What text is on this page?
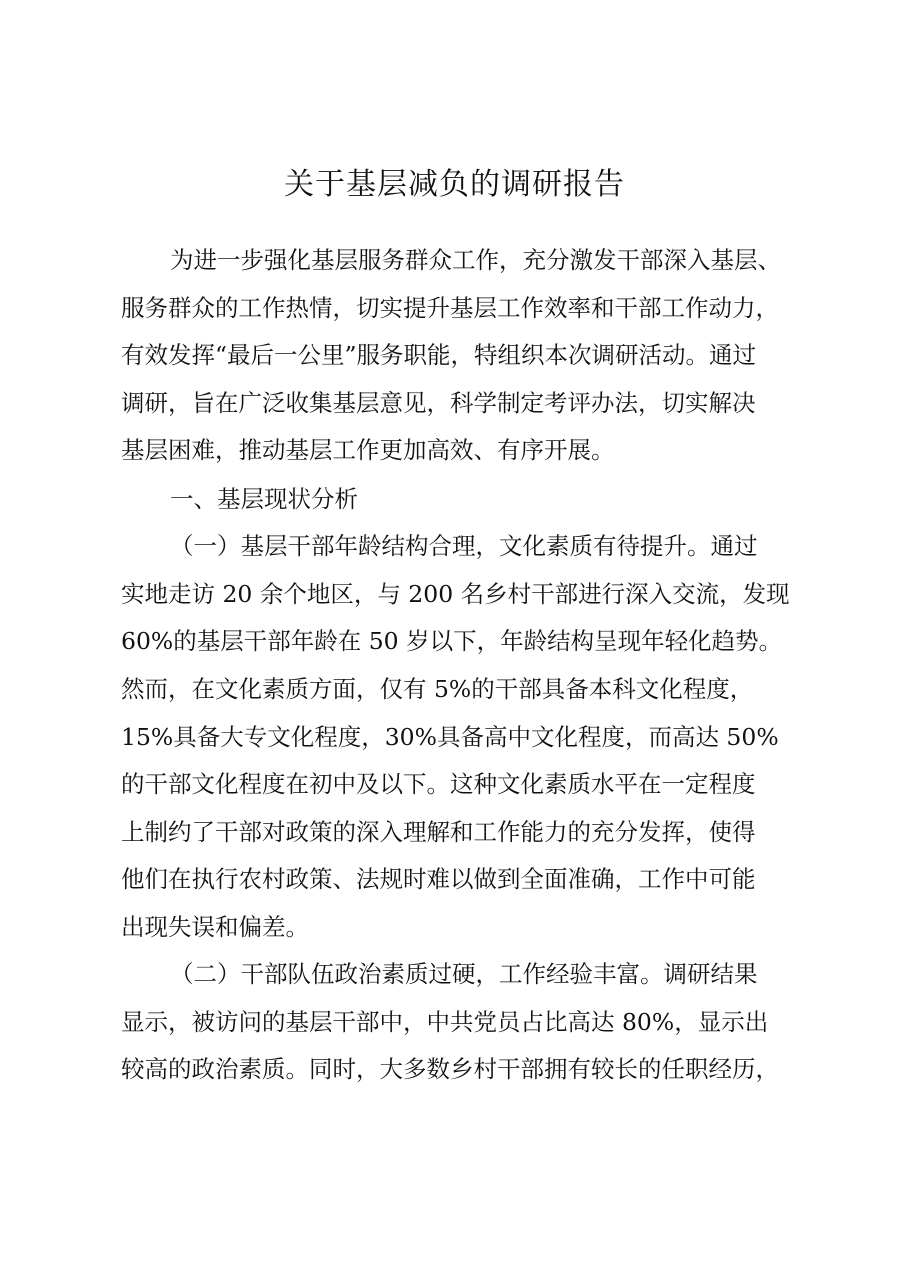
关于基层减负的调研报告
为进一步强化基层服务群众工作，充分激发干部深入基层、
服务群众的工作热情，切实提升基层工作效率和干部工作动力，
有效发挥“最后一公里”服务职能，特组织本次调研活动。通过
调研，旨在广泛收集基层意见，科学制定考评办法，切实解决
基层困难，推动基层工作更加高效、有序开展。
一、基层现状分析
（一）基层干部年龄结构合理，文化素质有待提升。通过
实地走访 20 余个地区，与 200 名乡村干部进行深入交流，发现
60%的基层干部年龄在 50 岁以下，年龄结构呈现年轻化趋势。
然而，在文化素质方面，仅有 5%的干部具备本科文化程度，
15%具备大专文化程度，30%具备高中文化程度，而高达 50%
的干部文化程度在初中及以下。这种文化素质水平在一定程度
上制约了干部对政策的深入理解和工作能力的充分发挥，使得
他们在执行农村政策、法规时难以做到全面准确，工作中可能
出现失误和偏差。
（二）干部队伍政治素质过硬，工作经验丰富。调研结果
显示，被访问的基层干部中，中共党员占比高达 80%，显示出
较高的政治素质。同时，大多数乡村干部拥有较长的任职经历，
